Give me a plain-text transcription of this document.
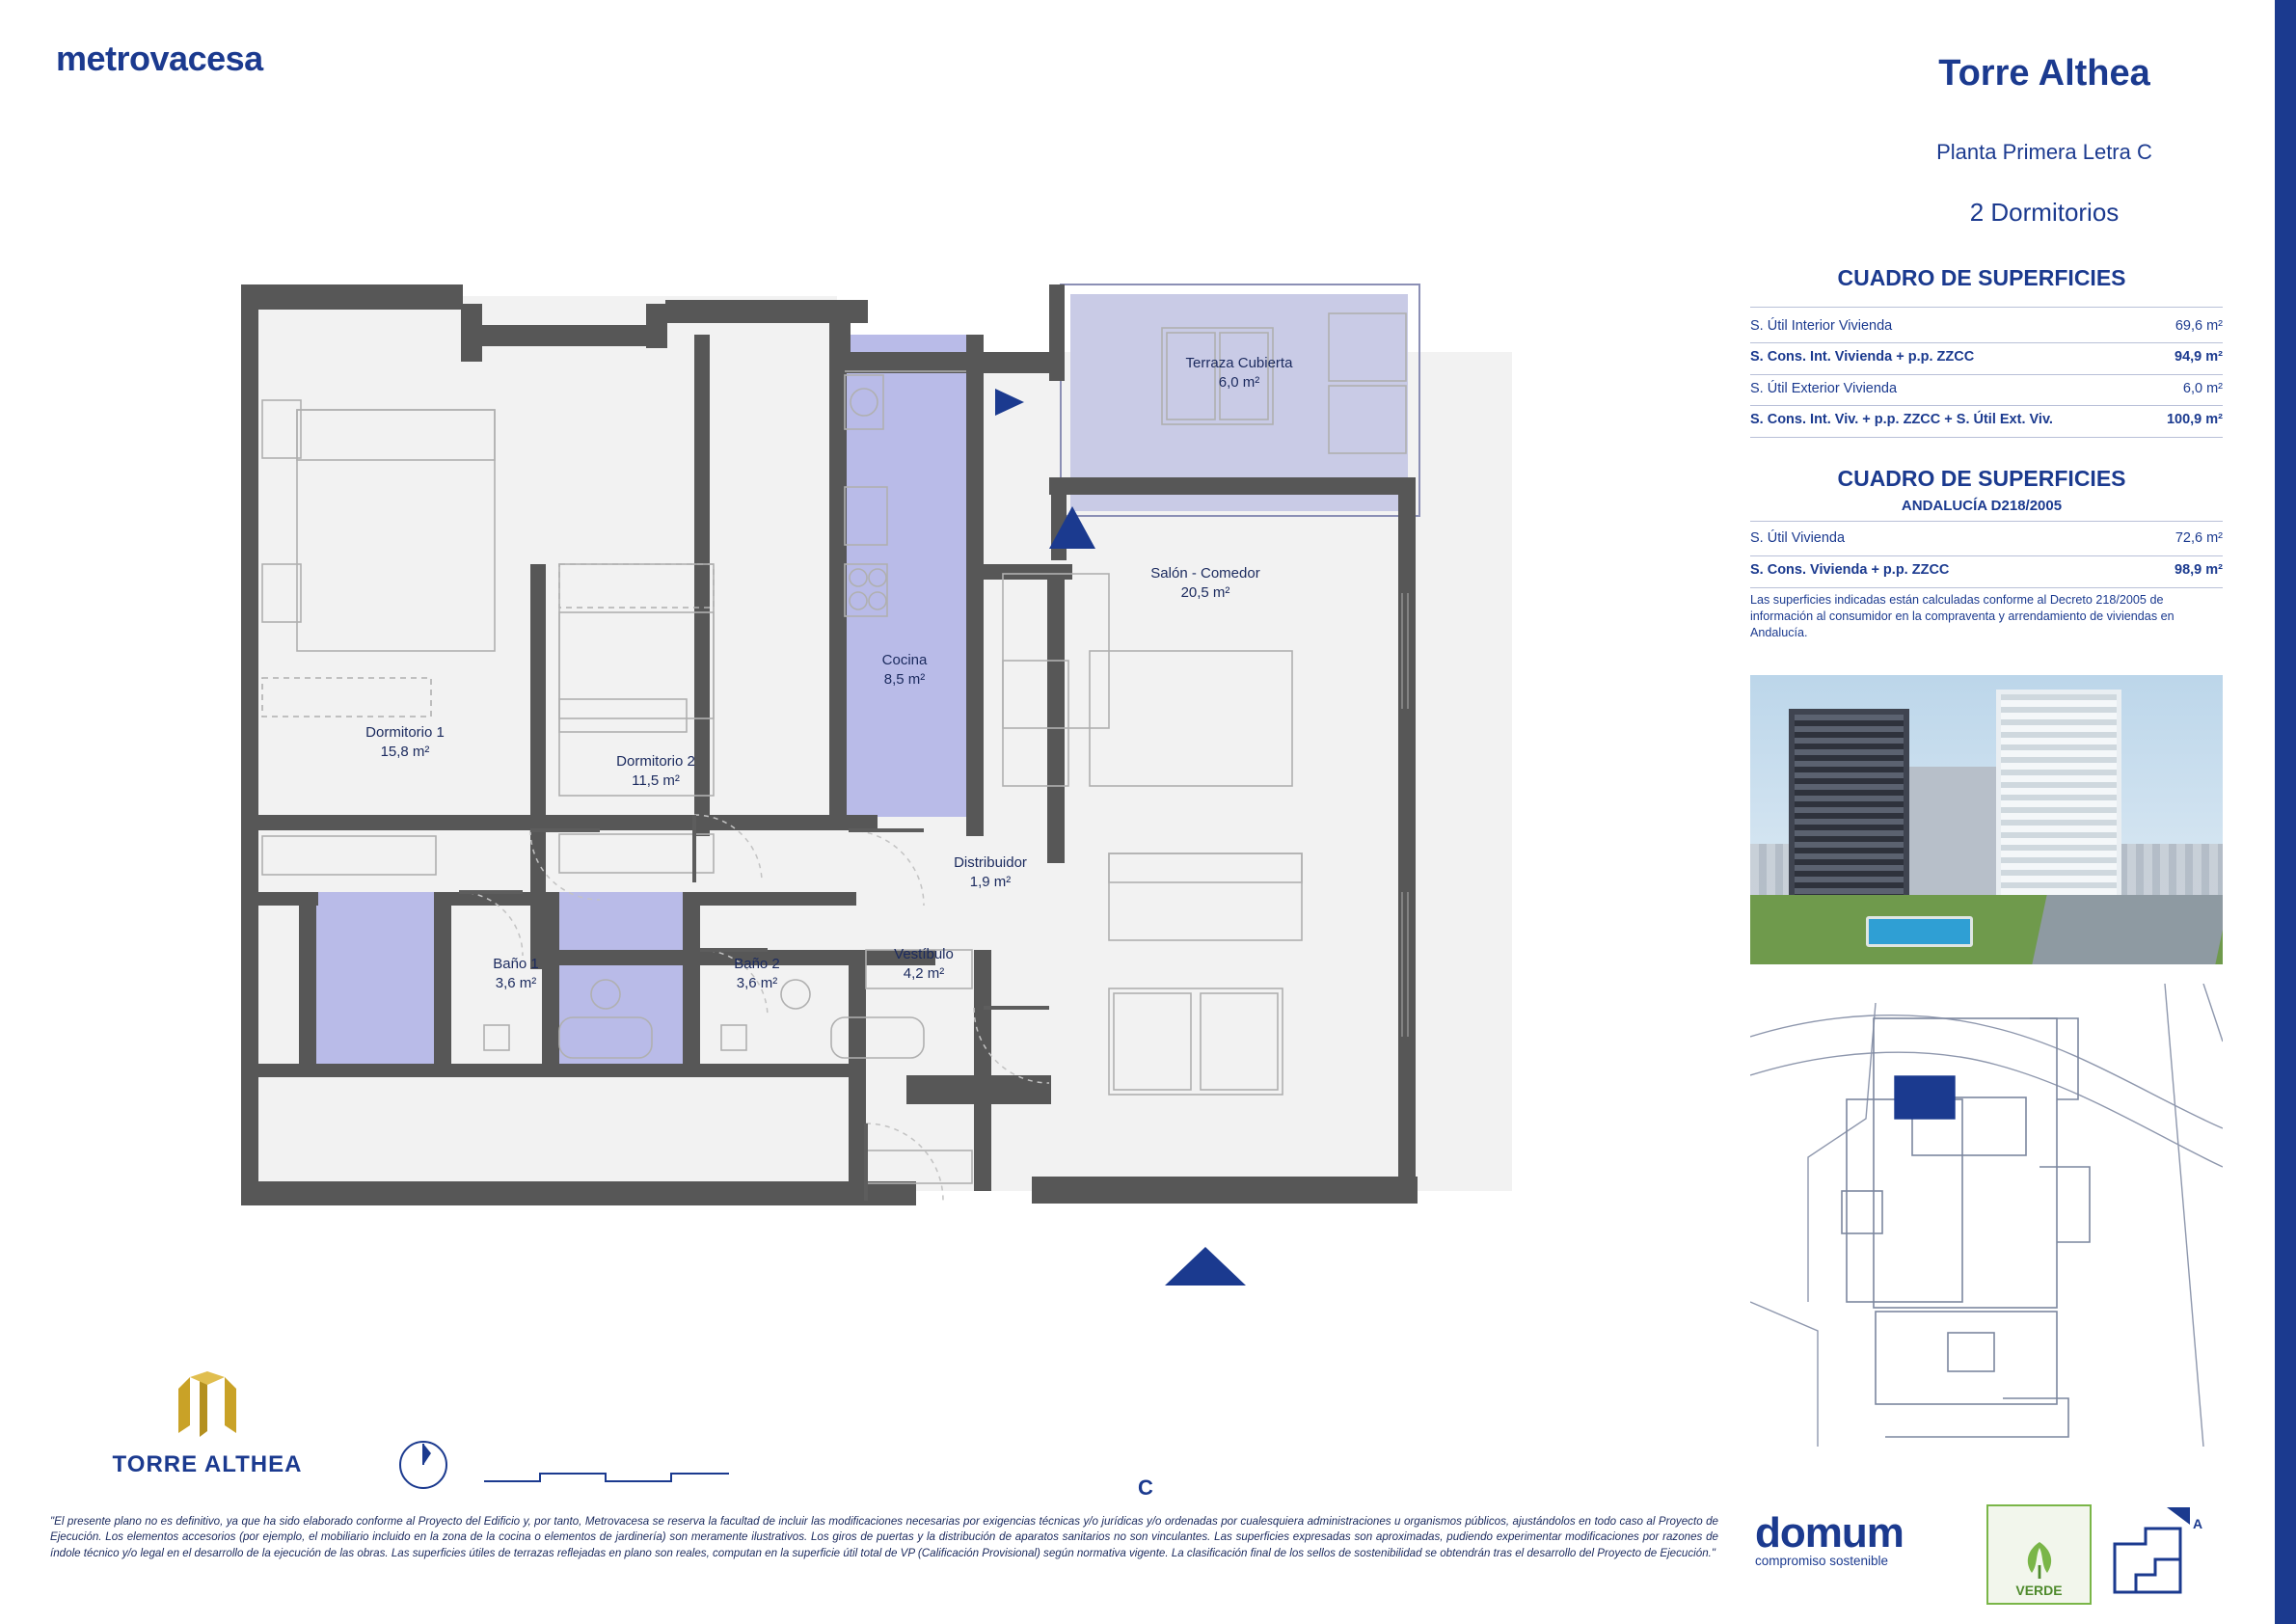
metrovacesa	Torre Althea
Planta Primera Letra C
2 Dormitorios
CUADRO DE SUPERFICIES
S. Útil Interior Vivienda	69,6 m²
S. Cons. Int. Vivienda + p.p. ZZCC	94,9 m²
S. Útil Exterior Vivienda	6,0 m²
S. Cons. Int. Viv. + p.p. ZZCC + S. Útil Ext. Viv.	100,9 m²
CUADRO DE SUPERFICIES
ANDALUCÍA D218/2005
S. Útil Vivienda	72,6 m²
S. Cons. Vivienda + p.p. ZZCC	98,9 m²
Las superficies indicadas están calculadas conforme al Decreto 218/2005 de información al consumidor en la compraventa y arrendamiento de viviendas en Andalucía.
domum
compromiso sostenible
VERDE
A
TORRE ALTHEA
"El presente plano no es definitivo, ya que ha sido elaborado conforme al Proyecto del Edificio y, por tanto, Metrovacesa se reserva la facultad de incluir las modificaciones necesarias por exigencias técnicas y/o jurídicas y/o ordenadas por cualesquiera administraciones u organismos públicos, ajustándolos en todo caso al Proyecto de Ejecución. Los elementos accesorios (por ejemplo, el mobiliario incluido en la zona de la cocina o elementos de jardinería) son meramente ilustrativos. Los giros de puertas y la distribución de aparatos sanitarios no son vinculantes. Las superficies expresadas son aproximadas, pudiendo experimentar modificaciones por razones de índole técnico y/o legal en el desarrollo de la ejecución de las obras. Las superficies útiles de terrazas reflejadas en plano son reales, computan en la superficie útil total de VP (Calificación Provisional) según normativa vigente. La clasificación final de los sellos de sostenibilidad se obtendrán tras el desarrollo del Proyecto de Ejecución."
Dormitorio 1
15,8 m²
Dormitorio 2
11,5 m²
Cocina
8,5 m²
Terraza Cubierta
6,0 m²
Salón - Comedor
20,5 m²
Distribuidor
1,9 m²
Vestíbulo
4,2 m²
Baño 1
3,6 m²
Baño 2
3,6 m²
C
